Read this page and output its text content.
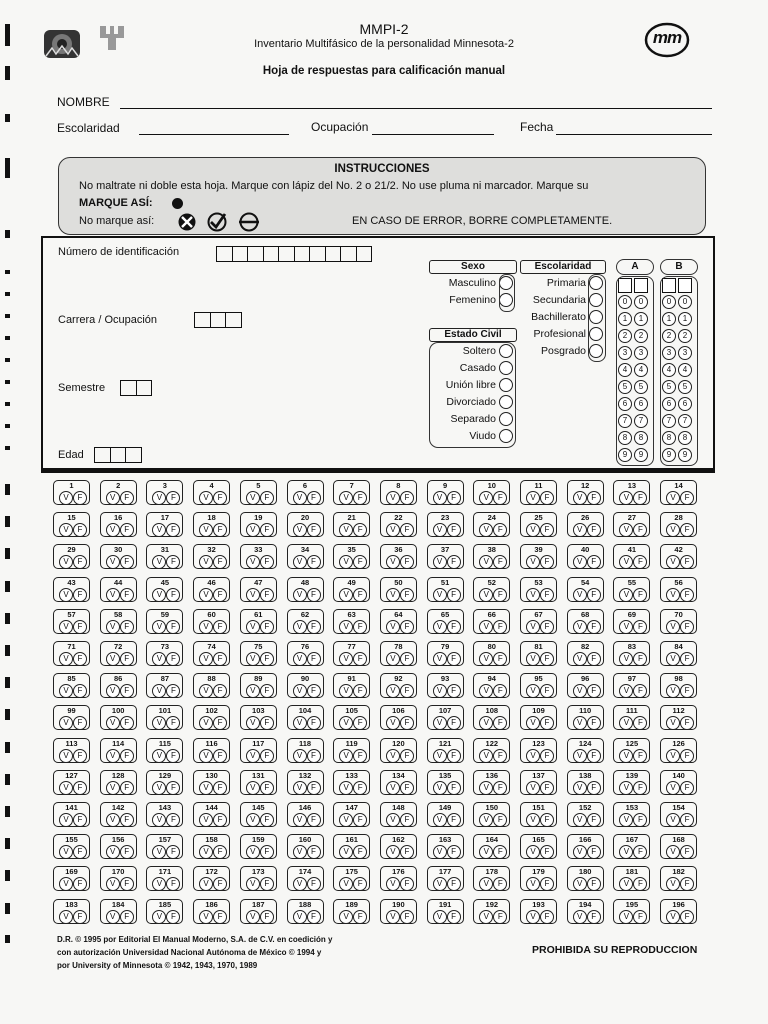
mm
MMPI-2
Inventario Multifásico de la personalidad Minnesota-2
Hoja de respuestas para calificación manual
NOMBRE
Escolaridad	Ocupación	Fecha
INSTRUCCIONES
No maltrate ni doble esta hoja. Marque con lápiz del No. 2 o 21/2. No use pluma ni marcador. Marque su
MARQUE ASÍ:
No marque así:	EN CASO DE ERROR, BORRE COMPLETAMENTE.
Número de identificación
Carrera / Ocupación
Semestre
Edad
Sexo
Masculino
Femenino
Estado Civil
Soltero
Casado
Unión libre
Divorciado
Separado
Viudo
Escolaridad
Primaria
Secundaria
Bachillerato
Profesional
Posgrado
A	B
0
1
2
3
4
5
6
7
8
9
0
1
2
3
4
5
6
7
8
9
0
1
2
3
4
5
6
7
8
9
0
1
2
3
4
5
6
7
8
9
1
V	F
2
V	F
3
V	F
4
V	F
5
V	F
6
V	F
7
V	F
8
V	F
9
V	F
10
V	F
11
V	F
12
V	F
13
V	F
14
V	F
15
V	F
16
V	F
17
V	F
18
V	F
19
V	F
20
V	F
21
V	F
22
V	F
23
V	F
24
V	F
25
V	F
26
V	F
27
V	F
28
V	F
29
V	F
30
V	F
31
V	F
32
V	F
33
V	F
34
V	F
35
V	F
36
V	F
37
V	F
38
V	F
39
V	F
40
V	F
41
V	F
42
V	F
43
V	F
44
V	F
45
V	F
46
V	F
47
V	F
48
V	F
49
V	F
50
V	F
51
V	F
52
V	F
53
V	F
54
V	F
55
V	F
56
V	F
57
V	F
58
V	F
59
V	F
60
V	F
61
V	F
62
V	F
63
V	F
64
V	F
65
V	F
66
V	F
67
V	F
68
V	F
69
V	F
70
V	F
71
V	F
72
V	F
73
V	F
74
V	F
75
V	F
76
V	F
77
V	F
78
V	F
79
V	F
80
V	F
81
V	F
82
V	F
83
V	F
84
V	F
85
V	F
86
V	F
87
V	F
88
V	F
89
V	F
90
V	F
91
V	F
92
V	F
93
V	F
94
V	F
95
V	F
96
V	F
97
V	F
98
V	F
99
V	F
100
V	F
101
V	F
102
V	F
103
V	F
104
V	F
105
V	F
106
V	F
107
V	F
108
V	F
109
V	F
110
V	F
111
V	F
112
V	F
113
V	F
114
V	F
115
V	F
116
V	F
117
V	F
118
V	F
119
V	F
120
V	F
121
V	F
122
V	F
123
V	F
124
V	F
125
V	F
126
V	F
127
V	F
128
V	F
129
V	F
130
V	F
131
V	F
132
V	F
133
V	F
134
V	F
135
V	F
136
V	F
137
V	F
138
V	F
139
V	F
140
V	F
141
V	F
142
V	F
143
V	F
144
V	F
145
V	F
146
V	F
147
V	F
148
V	F
149
V	F
150
V	F
151
V	F
152
V	F
153
V	F
154
V	F
155
V	F
156
V	F
157
V	F
158
V	F
159
V	F
160
V	F
161
V	F
162
V	F
163
V	F
164
V	F
165
V	F
166
V	F
167
V	F
168
V	F
169
V	F
170
V	F
171
V	F
172
V	F
173
V	F
174
V	F
175
V	F
176
V	F
177
V	F
178
V	F
179
V	F
180
V	F
181
V	F
182
V	F
183
V	F
184
V	F
185
V	F
186
V	F
187
V	F
188
V	F
189
V	F
190
V	F
191
V	F
192
V	F
193
V	F
194
V	F
195
V	F
196
V	F
D.R. © 1995 por Editorial El Manual Moderno, S.A. de C.V. en coedición y
con autorización Universidad Nacional Autónoma de México © 1994 y
por University of Minnesota © 1942, 1943, 1970, 1989
PROHIBIDA SU REPRODUCCION
